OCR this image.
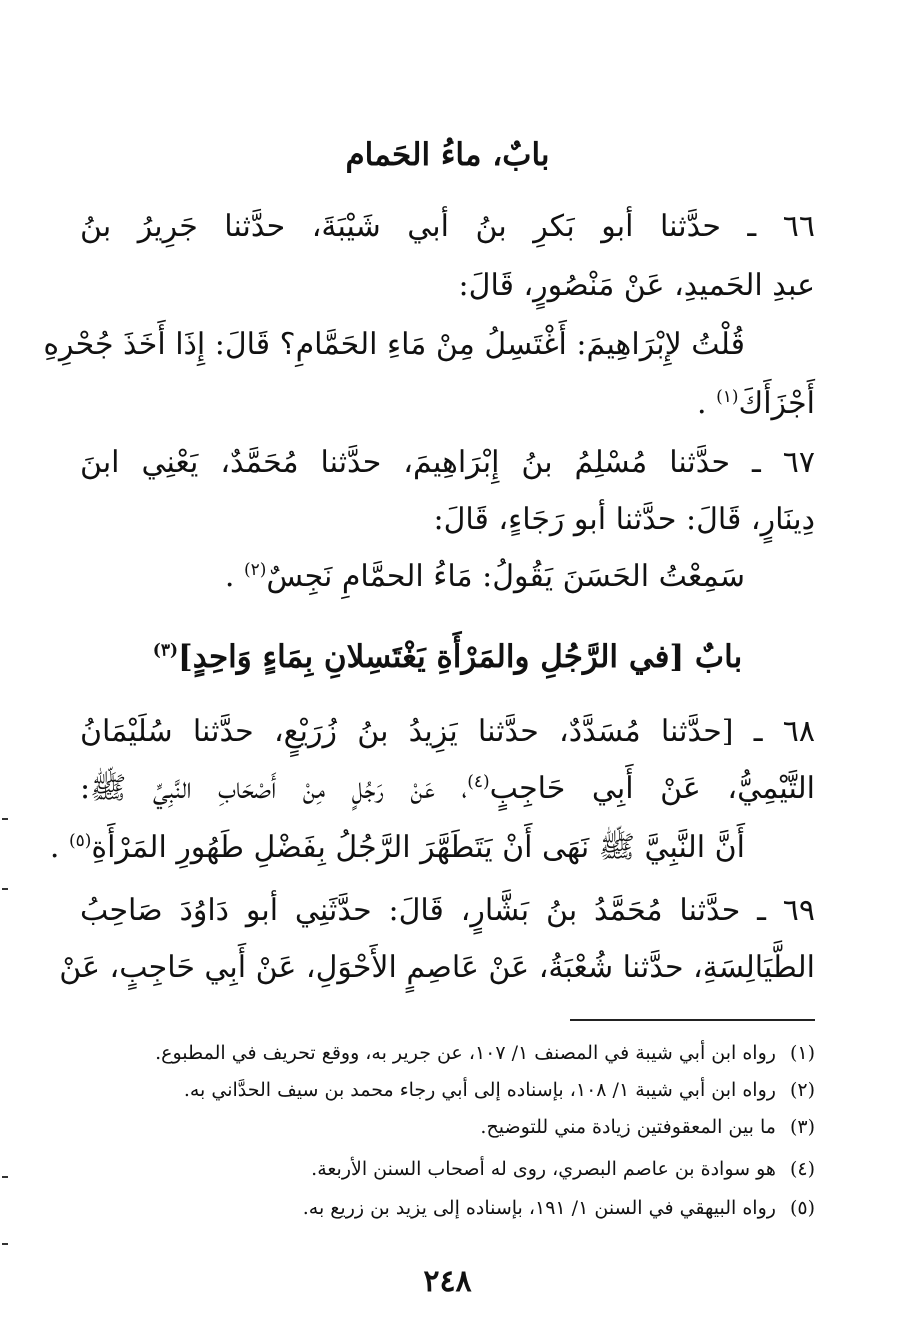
بابٌ، ماءُ الحَمام
٦٦ ـ حدَّثنا أبو بَكرِ بنُ أبي شَيْبَةَ، حدَّثنا جَرِيرُ بنُ
عبدِ الحَميدِ، عَنْ مَنْصُورٍ، قَالَ:
قُلْتُ لإِبْرَاهِيمَ: أَغْتَسِلُ مِنْ مَاءِ الحَمَّامِ؟ قَالَ: إِذَا أَخَذَ جُحْرِهِ
أَجْزَأَكَ$^{(١)}$ .
٦٧ ـ حدَّثنا مُسْلِمُ بنُ إِبْرَاهِيمَ، حدَّثنا مُحَمَّدٌ، يَعْنِي ابنَ
دِينَارٍ، قَالَ: حدَّثنا أبو رَجَاءٍ، قَالَ:
سَمِعْتُ الحَسَنَ يَقُولُ: مَاءُ الحمَّامِ نَجِسٌ$^{(٢)}$ .
بابٌ [في الرَّجُلِ والمَرْأَةِ يَغْتَسِلانِ بِمَاءٍ وَاحِدٍ]$^{(٣)}$
٦٨ ـ [حدَّثنا مُسَدَّدٌ، حدَّثنا يَزِيدُ بنُ زُرَيْعٍ، حدَّثنا سُلَيْمَانُ
التَّيْمِيُّ، عَنْ أَبِي حَاجِبٍ$^{(٤)}$، عَنْ رَجُلٍ مِنْ أَصْحَابِ النَّبِيِّ ﷺ:
أَنَّ النَّبِيَّ ﷺ نَهَى أَنْ يَتَطَهَّرَ الرَّجُلُ بِفَضْلِ طَهُورِ المَرْأَةِ$^{(٥)}$ .
٦٩ ـ حدَّثنا مُحَمَّدُ بنُ بَشَّارٍ، قَالَ: حدَّثَنِي أبو دَاوُدَ صَاحِبُ
الطَّيَالِسَةِ، حدَّثنا شُعْبَةُ، عَنْ عَاصِمٍ الأَحْوَلِ، عَنْ أَبِي حَاجِبٍ، عَنْ
(١)رواه ابن أبي شيبة في المصنف ١/ ١٠٧، عن جرير به، ووقع تحريف في المطبوع.
(٢)رواه ابن أبي شيبة ١/ ١٠٨، بإسناده إلى أبي رجاء محمد بن سيف الحدَّاني به.
(٣)ما بين المعقوفتين زيادة مني للتوضيح.
(٤)هو سوادة بن عاصم البصري، روى له أصحاب السنن الأربعة.
(٥)رواه البيهقي في السنن ١/ ١٩١، بإسناده إلى يزيد بن زريع به.
٢٤٨
